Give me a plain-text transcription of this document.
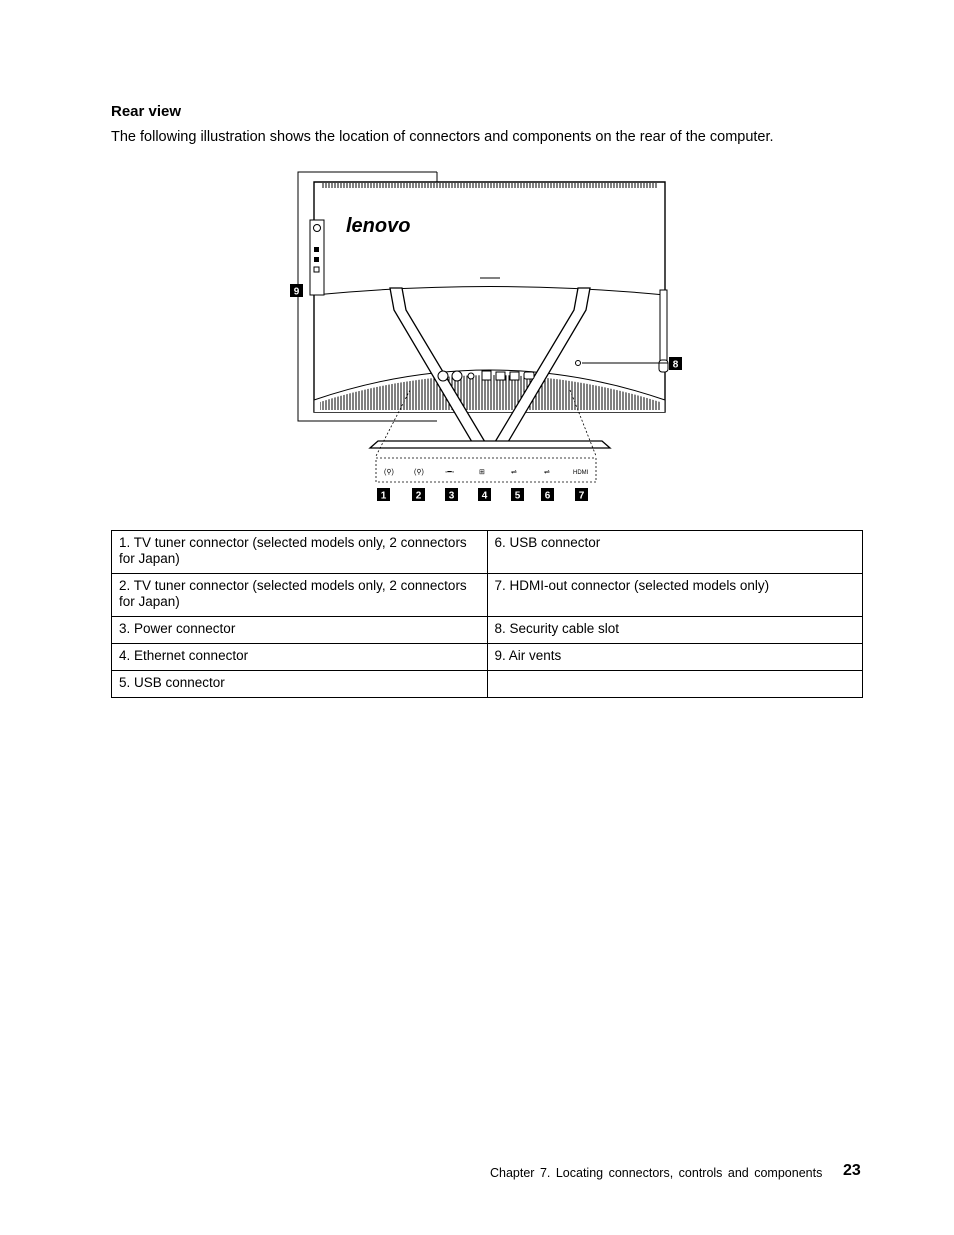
Rear view
The following illustration shows the location of connectors and components on the rear of the computer.
lenovo
(⚲)	(⚲)	◦━◦	⊞	⇌	⇌	HDMI
1	2	3	4	5 6	7
8
9
1. TV tuner connector (selected models only, 2 connectors for Japan)	6. USB connector
2. TV tuner connector (selected models only, 2 connectors for Japan)	7. HDMI-out connector (selected models only)
3. Power connector	8. Security cable slot
4. Ethernet connector	9. Air vents
5. USB connector	
Chapter 7. Locating connectors, controls and components 23
